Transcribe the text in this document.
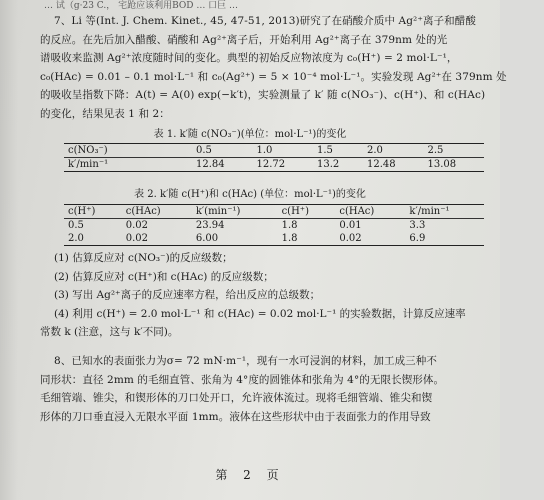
… 试（g·23 C.， 宅跄应该利用BOD … 口巨 …
7、Li 等(Int. J. Chem. Kinet., 45, 47-51, 2013)研究了在硝酸介质中 Ag²⁺离子和醋酸
的反应。在先后加入醋酸、硝酸和 Ag²⁺离子后，开始利用 Ag²⁺离子在 379nm 处的光
谱吸收来监测 Ag²⁺浓度随时间的变化。典型的初始反应物浓度为 c₀(H⁺) = 2 mol·L⁻¹，
c₀(HAc) = 0.01 – 0.1 mol·L⁻¹ 和 c₀(Ag²⁺) = 5 × 10⁻⁴ mol·L⁻¹。实验发现 Ag²⁺在 379nm 处
的吸收呈指数下降：A(t) = A(0) exp(−k′t)，实验测量了 k′ 随 c(NO₃⁻)、c(H⁺)、和 c(HAc)
的变化，结果见表 1 和 2：
表 1. k′随 c(NO₃⁻)(单位：mol·L⁻¹)的变化
c(NO₃⁻)	0.5	1.0	1.5	2.0	2.5
k′/min⁻¹	12.84	12.72	13.2	12.48	13.08
表 2. k′随 c(H⁺)和 c(HAc) (单位：mol·L⁻¹)的变化
c(H⁺)	c(HAc)	k′(min⁻¹)	c(H⁺)	c(HAc)	k′/min⁻¹
0.5	0.02	23.94	1.8	0.01	3.3
2.0	0.02	6.00	1.8	0.02	6.9
(1) 估算反应对 c(NO₃⁻)的反应级数；
(2) 估算反应对 c(H⁺)和 c(HAc) 的反应级数；
(3) 写出 Ag²⁺离子的反应速率方程，给出反应的总级数；
(4) 利用 c(H⁺) = 2.0 mol·L⁻¹ 和 c(HAc) = 0.02 mol·L⁻¹ 的实验数据，计算反应速率
常数 k (注意，这与 k′不同)。
8、已知水的表面张力为σ= 72 mN·m⁻¹，现有一水可浸润的材料，加工成三种不
同形状：直径 2mm 的毛细直管、张角为 4°度的圆锥体和张角为 4°的无限长锲形体。
毛细管端、锥尖，和锲形体的刀口处开口，允许液体流过。现将毛细管端、锥尖和锲
形体的刀口垂直浸入无限水平面 1mm。液体在这些形状中由于表面张力的作用导致
第 2 页
